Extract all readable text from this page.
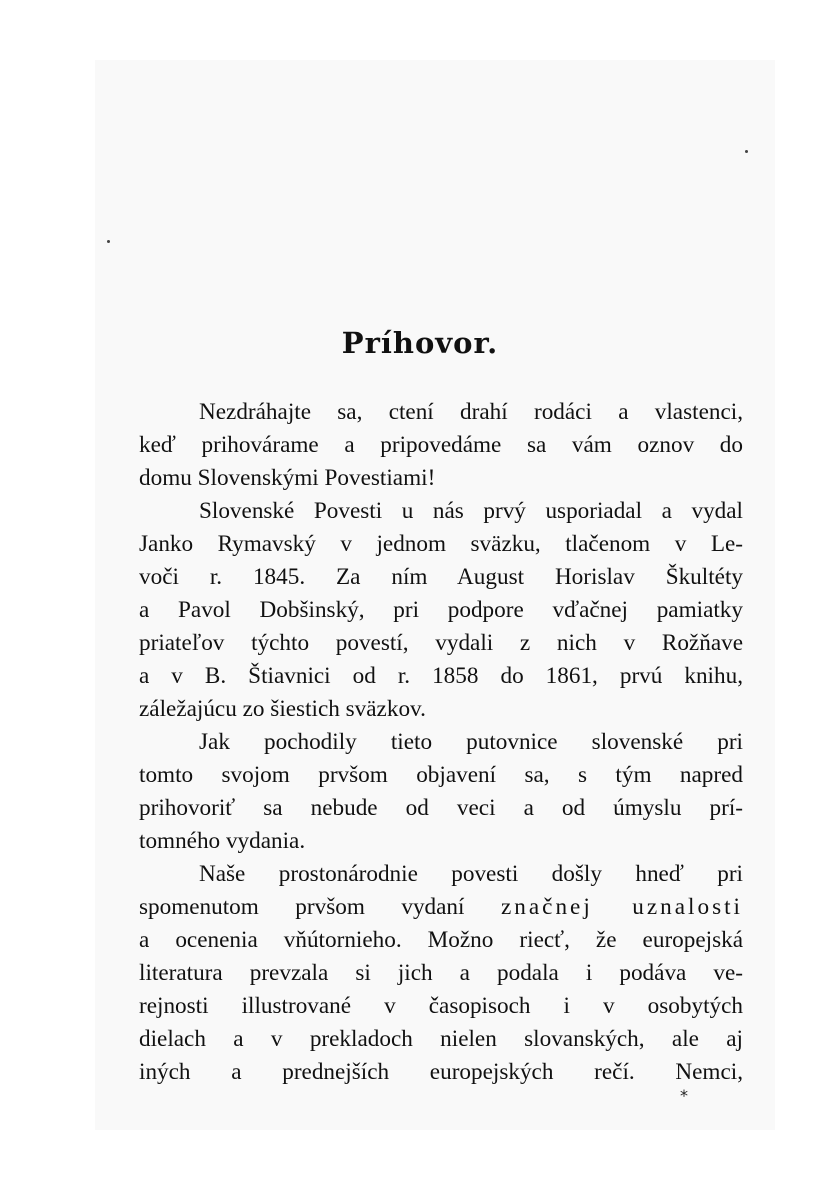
Príhovor.
Nezdráhajte sa, ctení drahí rodáci a vlastenci,
keď prihovárame a pripovedáme sa vám oznov do
domu Slovenskými Povestiami!
Slovenské Povesti u nás prvý usporiadal a vydal
Janko Rymavský v jednom sväzku, tlačenom v Le-
voči r. 1845. Za ním August Horislav Škultéty
a Pavol Dobšinský, pri podpore vďačnej pamiatky
priateľov týchto povestí, vydali z nich v Rožňave
a v B. Štiavnici od r. 1858 do 1861, prvú knihu,
záležajúcu zo šiestich sväzkov.
Jak pochodily tieto putovnice slovenské pri
tomto svojom prvšom objavení sa, s tým napred
prihovoriť sa nebude od veci a od úmyslu prí-
tomného vydania.
Naše prostonárodnie povesti došly hneď pri
spomenutom prvšom vydaní značnej uznalosti
a ocenenia vňútornieho. Možno riecť, že europejská
literatura prevzala si jich a podala i podáva ve-
rejnosti illustrované v časopisoch i v osobytých
dielach a v prekladoch nielen slovanských, ale aj
iných a prednejších europejských rečí. Nemci,
*
